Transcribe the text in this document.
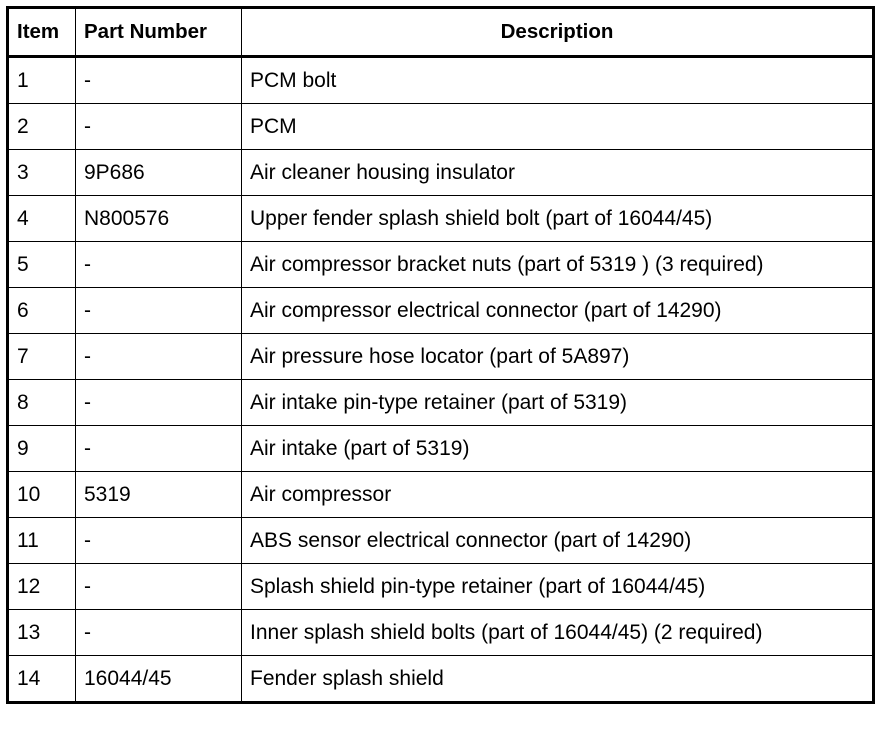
Item	Part Number	Description
1	-	PCM bolt
2	-	PCM
3	9P686	Air cleaner housing insulator
4	N800576	Upper fender splash shield bolt (part of 16044/45)
5	-	Air compressor bracket nuts (part of 5319 ) (3 required)
6	-	Air compressor electrical connector (part of 14290)
7	-	Air pressure hose locator (part of 5A897)
8	-	Air intake pin-type retainer (part of 5319)
9	-	Air intake (part of 5319)
10	5319	Air compressor
11	-	ABS sensor electrical connector (part of 14290)
12	-	Splash shield pin-type retainer (part of 16044/45)
13	-	Inner splash shield bolts (part of 16044/45) (2 required)
14	16044/45	Fender splash shield
